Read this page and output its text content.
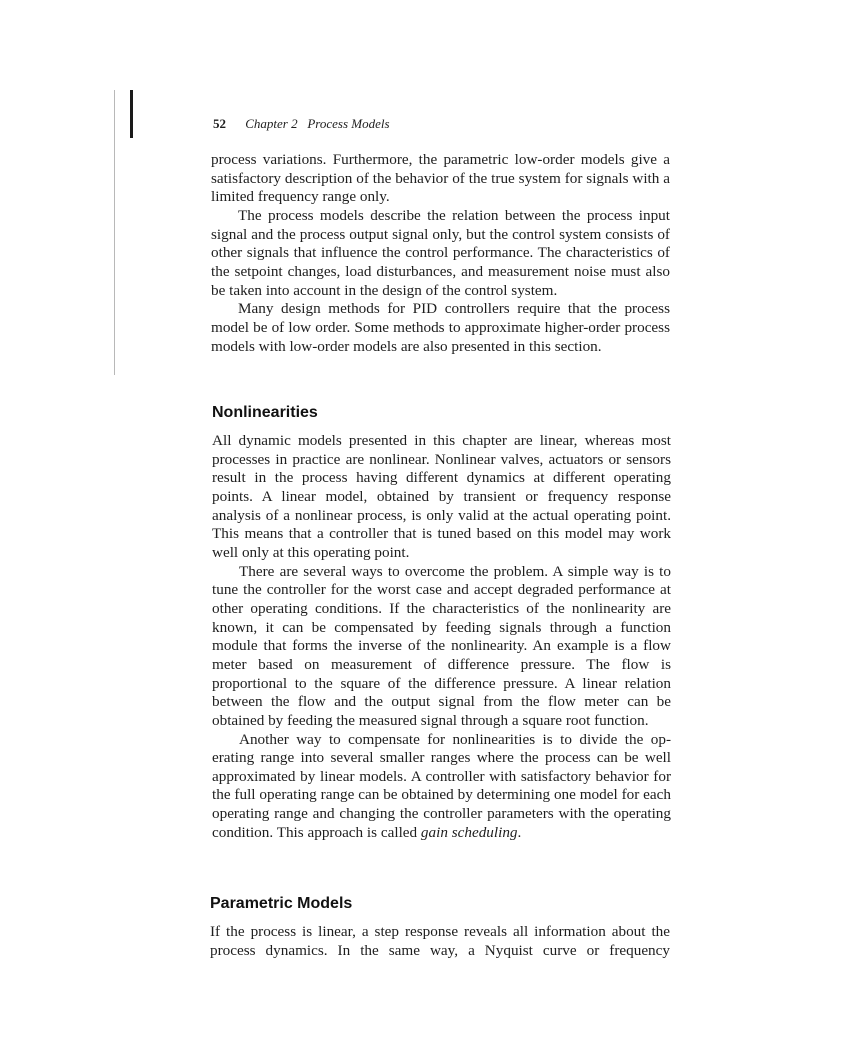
52 Chapter 2   Process Models

process variations. Furthermore, the parametric low-order models give a satisfactory description of the behavior of the true system for signals with a limited frequency range only.

The process models describe the relation between the process input signal and the process output signal only, but the control system consists of other signals that influence the control performance. The characteristics of the setpoint changes, load disturbances, and measurement noise must also be taken into account in the design of the control system.

Many design methods for PID controllers require that the process model be of low order. Some methods to approximate higher-order process models with low-order models are also presented in this section.

Nonlinearities

All dynamic models presented in this chapter are linear, whereas most processes in practice are nonlinear. Nonlinear valves, actuators or sensors result in the process having different dynamics at different operating points. A linear model, obtained by transient or frequency response analysis of a nonlinear process, is only valid at the actual operating point. This means that a controller that is tuned based on this model may work well only at this operating point.

There are several ways to overcome the problem. A simple way is to tune the controller for the worst case and accept degraded performance at other operating conditions. If the characteristics of the nonlinearity are known, it can be compensated by feeding signals through a function module that forms the inverse of the nonlinearity. An example is a flow meter based on measurement of difference pressure. The flow is proportional to the square of the difference pressure. A linear relation between the flow and the output signal from the flow meter can be obtained by feeding the measured signal through a square root function.

Another way to compensate for nonlinearities is to divide the operating range into several smaller ranges where the process can be well approximated by linear models. A controller with satisfactory behavior for the full operating range can be obtained by determining one model for each operating range and changing the controller parameters with the operating condition. This approach is called gain scheduling.

Parametric Models

If the process is linear, a step response reveals all information about the process dynamics. In the same way, a Nyquist curve or frequency
